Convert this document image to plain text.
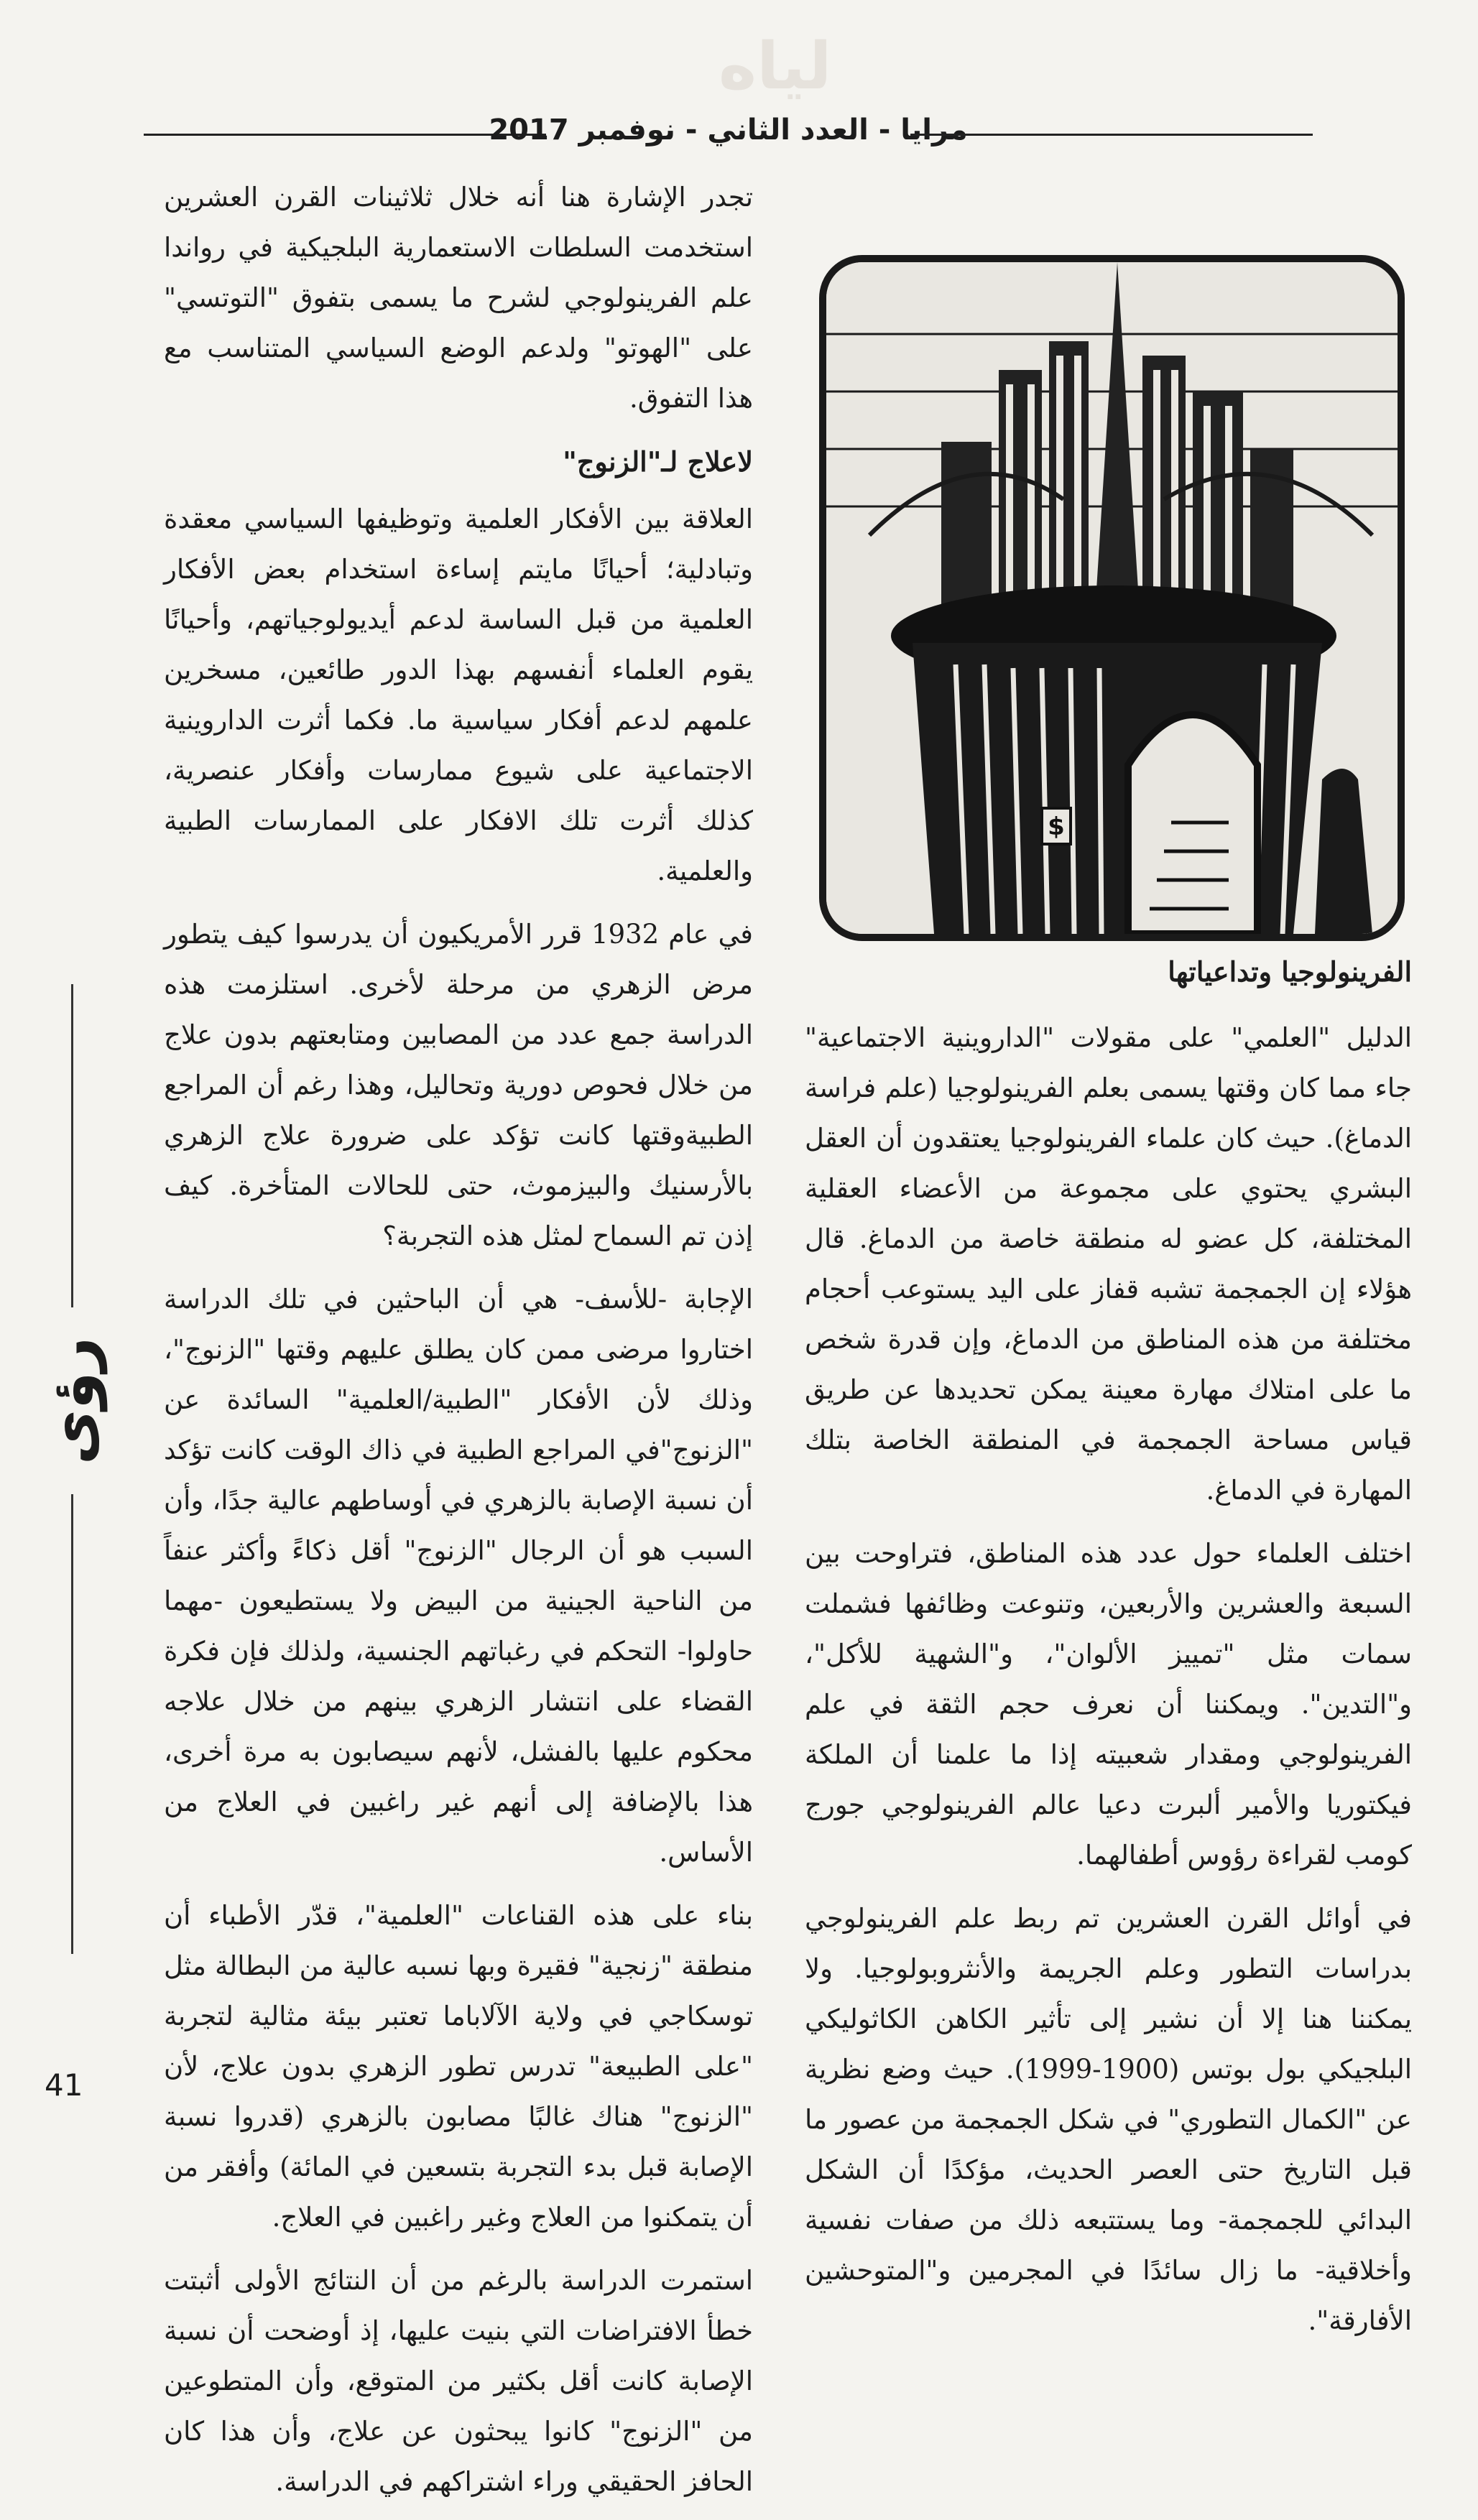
لياه
مرايا - العدد الثاني - نوفمبر 2017

تجدر الإشارة هنا أنه خلال ثلاثينات القرن العشرين استخدمت السلطات الاستعمارية البلجيكية في رواندا علم الفرينولوجي لشرح ما يسمى بتفوق "التوتسي" على "الهوتو" ولدعم الوضع السياسي المتناسب مع هذا التفوق.

لاعلاج لـ"الزنوج"

العلاقة بين الأفكار العلمية وتوظيفها السياسي معقدة وتبادلية؛ أحيانًا مايتم إساءة استخدام بعض الأفكار العلمية من قبل الساسة لدعم أيديولوجياتهم، وأحيانًا يقوم العلماء أنفسهم بهذا الدور طائعين، مسخرين علمهم لدعم أفكار سياسية ما. فكما أثرت الداروينية الاجتماعية على شيوع ممارسات وأفكار عنصرية، كذلك أثرت تلك الافكار على الممارسات الطبية والعلمية.

في عام 1932 قرر الأمريكيون أن يدرسوا كيف يتطور مرض الزهري من مرحلة لأخرى. استلزمت هذه الدراسة جمع عدد من المصابين ومتابعتهم بدون علاج من خلال فحوص دورية وتحاليل، وهذا رغم أن المراجع الطبيةوقتها كانت تؤكد على ضرورة علاج الزهري بالأرسنيك والبيزموث، حتى للحالات المتأخرة. كيف إذن تم السماح لمثل هذه التجربة؟

الإجابة -للأسف- هي أن الباحثين في تلك الدراسة اختاروا مرضى ممن كان يطلق عليهم وقتها "الزنوج"، وذلك لأن الأفكار "الطبية/العلمية" السائدة عن "الزنوج"في المراجع الطبية في ذاك الوقت كانت تؤكد أن نسبة الإصابة بالزهري في أوساطهم عالية جدًا، وأن السبب هو أن الرجال "الزنوج" أقل ذكاءً وأكثر عنفاً من الناحية الجينية من البيض ولا يستطيعون -مهما حاولوا- التحكم في رغباتهم الجنسية، ولذلك فإن فكرة القضاء على انتشار الزهري بينهم من خلال علاجه محكوم عليها بالفشل، لأنهم سيصابون به مرة أخرى، هذا بالإضافة إلى أنهم غير راغبين في العلاج من الأساس.

بناء على هذه القناعات "العلمية"، قدّر الأطباء أن منطقة "زنجية" فقيرة وبها نسبه عالية من البطالة مثل توسكاجي في ولاية الآلاباما تعتبر بيئة مثالية لتجربة "على الطبيعة" تدرس تطور الزهري بدون علاج، لأن "الزنوج" هناك غالبًا مصابون بالزهري (قدروا نسبة الإصابة قبل بدء التجربة بتسعين في المائة) وأفقر من أن يتمكنوا من العلاج وغير راغبين في العلاج.

استمرت الدراسة بالرغم من أن النتائج الأولى أثبتت خطأ الافتراضات التي بنيت عليها، إذ أوضحت أن نسبة الإصابة كانت أقل بكثير من المتوقع، وأن المتطوعين من "الزنوج" كانوا يبحثون عن علاج، وأن هذا كان الحافز الحقيقي وراء اشتراكهم في الدراسة.

$
الفرينولوجيا وتداعياتها

الدليل "العلمي" على مقولات "الداروينية الاجتماعية" جاء مما كان وقتها يسمى بعلم الفرينولوجيا (علم فراسة الدماغ). حيث كان علماء الفرينولوجيا يعتقدون أن العقل البشري يحتوي على مجموعة من الأعضاء العقلية المختلفة، كل عضو له منطقة خاصة من الدماغ. قال هؤلاء إن الجمجمة تشبه قفاز على اليد يستوعب أحجام مختلفة من هذه المناطق من الدماغ، وإن قدرة شخص ما على امتلاك مهارة معينة يمكن تحديدها عن طريق قياس مساحة الجمجمة في المنطقة الخاصة بتلك المهارة في الدماغ.

اختلف العلماء حول عدد هذه المناطق، فتراوحت بين السبعة والعشرين والأربعين، وتنوعت وظائفها فشملت سمات مثل "تمييز الألوان"، و"الشهية للأكل"، و"التدين". ويمكننا أن نعرف حجم الثقة في علم الفرينولوجي ومقدار شعبيته إذا ما علمنا أن الملكة فيكتوريا والأمير ألبرت دعيا عالم الفرينولوجي جورج كومب لقراءة رؤوس أطفالهما.

في أوائل القرن العشرين تم ربط علم الفرينولوجي بدراسات التطور وعلم الجريمة والأنثروبولوجيا. ولا يمكننا هنا إلا أن نشير إلى تأثير الكاهن الكاثوليكي البلجيكي بول بوتس (1900-1999). حيث وضع نظرية عن "الكمال التطوري" في شكل الجمجمة من عصور ما قبل التاريخ حتى العصر الحديث، مؤكدًا أن الشكل البدائي للجمجمة- وما يستتبعه ذلك من صفات نفسية وأخلاقية- ما زال سائدًا في المجرمين و"المتوحشين الأفارقة".

رؤى
41
